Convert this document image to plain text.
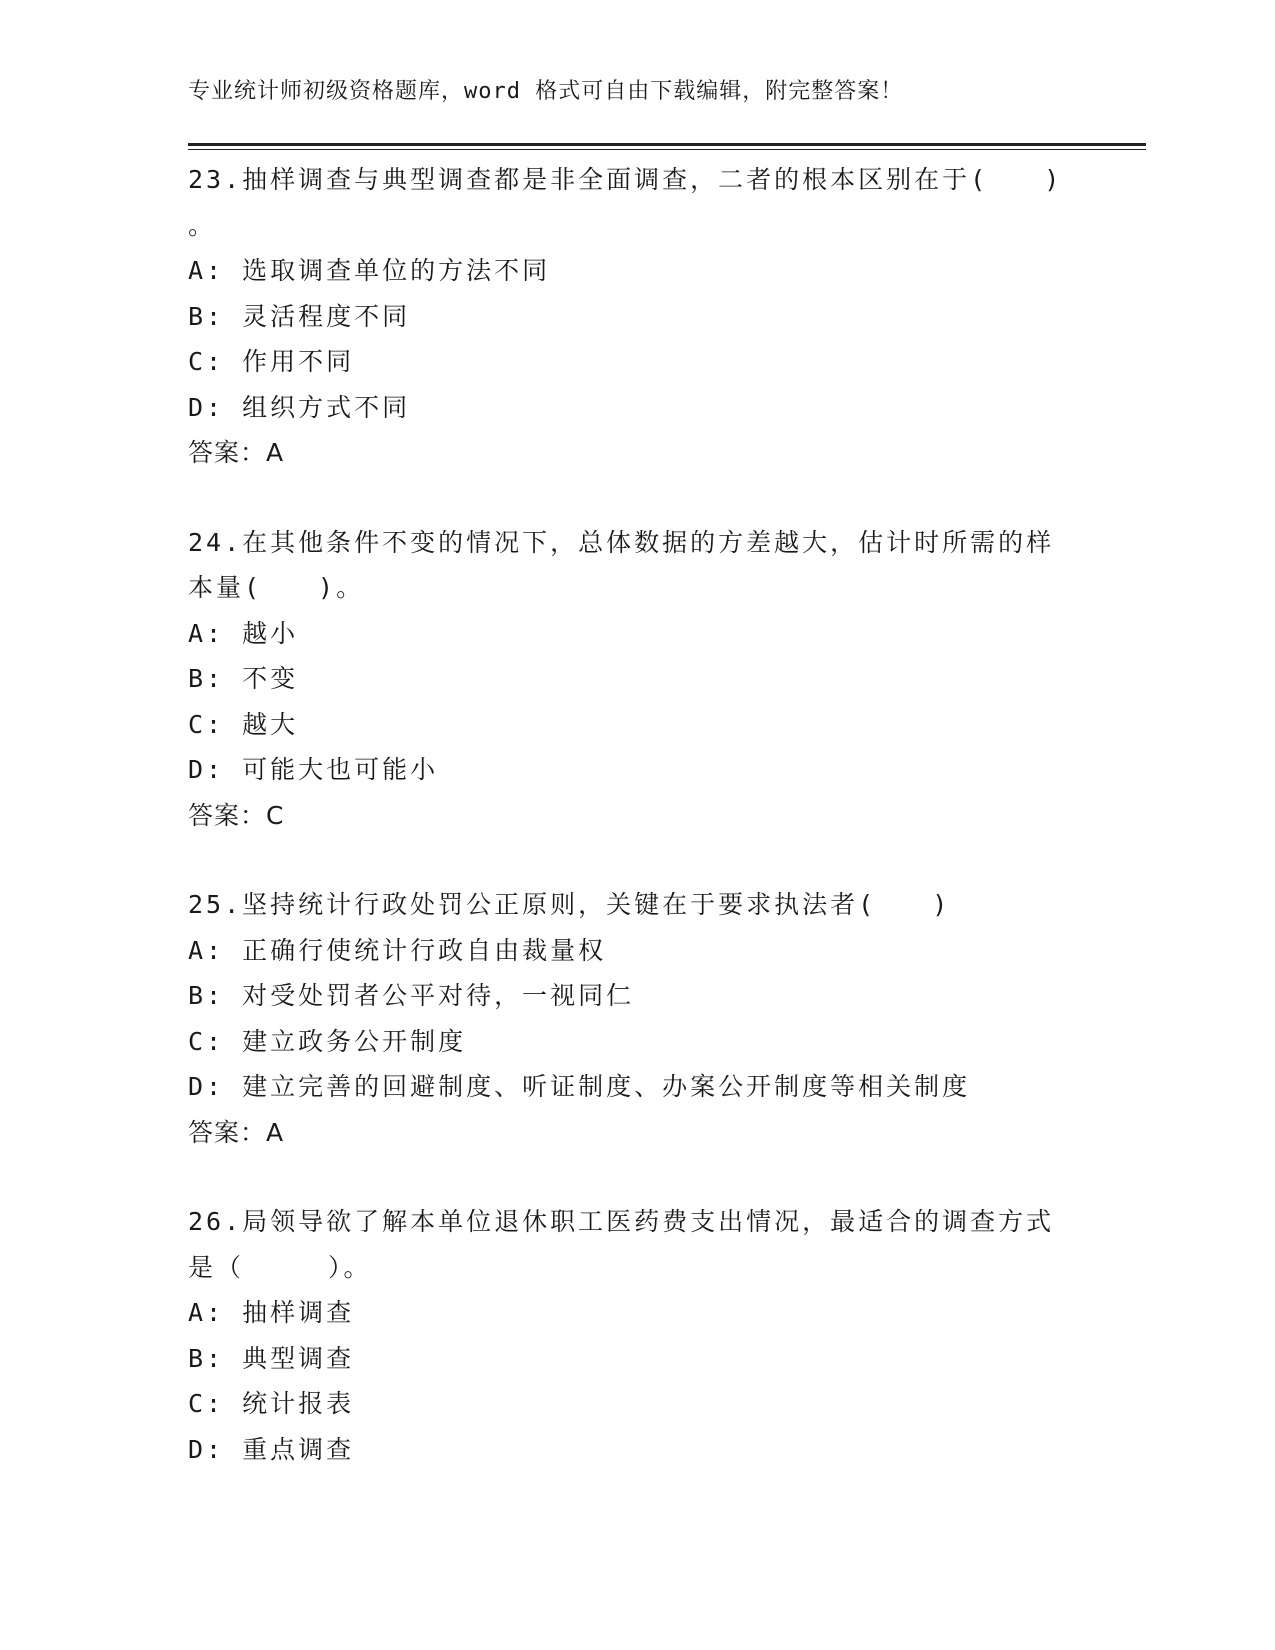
专业统计师初级资格题库，word 格式可自由下载编辑，附完整答案！
23.抽样调查与典型调查都是非全面调查，二者的根本区别在于(　　)
。
A: 选取调查单位的方法不同
B: 灵活程度不同
C: 作用不同
D: 组织方式不同
答案：A
24.在其他条件不变的情况下，总体数据的方差越大，估计时所需的样
本量(　　)。
A: 越小
B: 不变
C: 越大
D: 可能大也可能小
答案：C
25.坚持统计行政处罚公正原则，关键在于要求执法者(　　)
A: 正确行使统计行政自由裁量权
B: 对受处罚者公平对待，一视同仁
C: 建立政务公开制度
D: 建立完善的回避制度、听证制度、办案公开制度等相关制度
答案：A
26.局领导欲了解本单位退休职工医药费支出情况，最适合的调查方式
是（　　　）。
A: 抽样调查
B: 典型调查
C: 统计报表
D: 重点调查
